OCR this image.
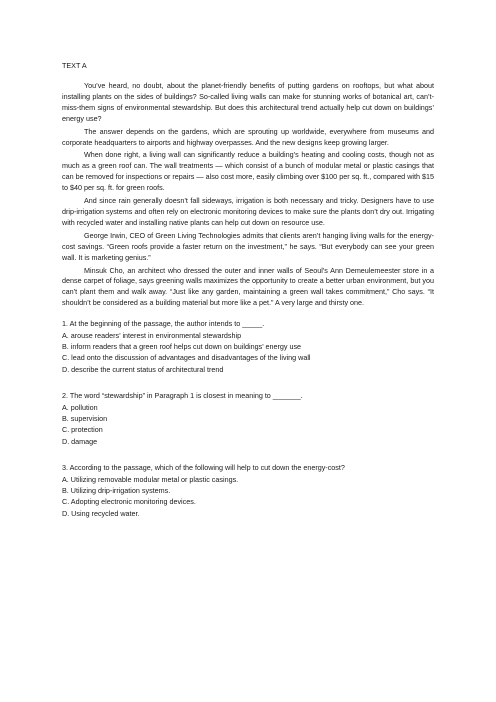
TEXT A

You’ve heard, no doubt, about the planet-friendly benefits of putting gardens on rooftops, but what about installing plants on the sides of buildings? So-called living walls can make for stunning works of botanical art, can’t-miss-them signs of environmental stewardship. But does this architectural trend actually help cut down on buildings’ energy use?

The answer depends on the gardens, which are sprouting up worldwide, everywhere from museums and corporate headquarters to airports and highway overpasses. And the new designs keep growing larger.

When done right, a living wall can significantly reduce a building’s heating and cooling costs, though not as much as a green roof can. The wall treatments — which consist of a bunch of modular metal or plastic casings that can be removed for inspections or repairs — also cost more, easily climbing over $100 per sq. ft., compared with $15 to $40 per sq. ft. for green roofs.

And since rain generally doesn’t fall sideways, irrigation is both necessary and tricky. Designers have to use drip-irrigation systems and often rely on electronic monitoring devices to make sure the plants don’t dry out. Irrigating with recycled water and installing native plants can help cut down on resource use.

George Irwin, CEO of Green Living Technologies admits that clients aren’t hanging living walls for the energy-cost savings. “Green roofs provide a faster return on the investment,” he says. “But everybody can see your green wall. It is marketing genius.”

Minsuk Cho, an architect who dressed the outer and inner walls of Seoul’s Ann Demeulemeester store in a dense carpet of foliage, says greening walls maximizes the opportunity to create a better urban environment, but you can’t plant them and walk away. “Just like any garden, maintaining a green wall takes commitment,” Cho says. “It shouldn’t be considered as a building material but more like a pet.” A very large and thirsty one.

1. At the beginning of the passage, the author intends to _____.
A. arouse readers’ interest in environmental stewardship
B. inform readers that a green roof helps cut down on buildings’ energy use
C. lead onto the discussion of advantages and disadvantages of the living wall
D. describe the current status of architectural trend
2. The word “stewardship” in Paragraph 1 is closest in meaning to _______.
A. pollution
B. supervision
C. protection
D. damage
3. According to the passage, which of the following will help to cut down the energy-cost?
A. Utilizing removable modular metal or plastic casings.
B. Utilizing drip-irrigation systems.
C. Adopting electronic monitoring devices.
D. Using recycled water.
